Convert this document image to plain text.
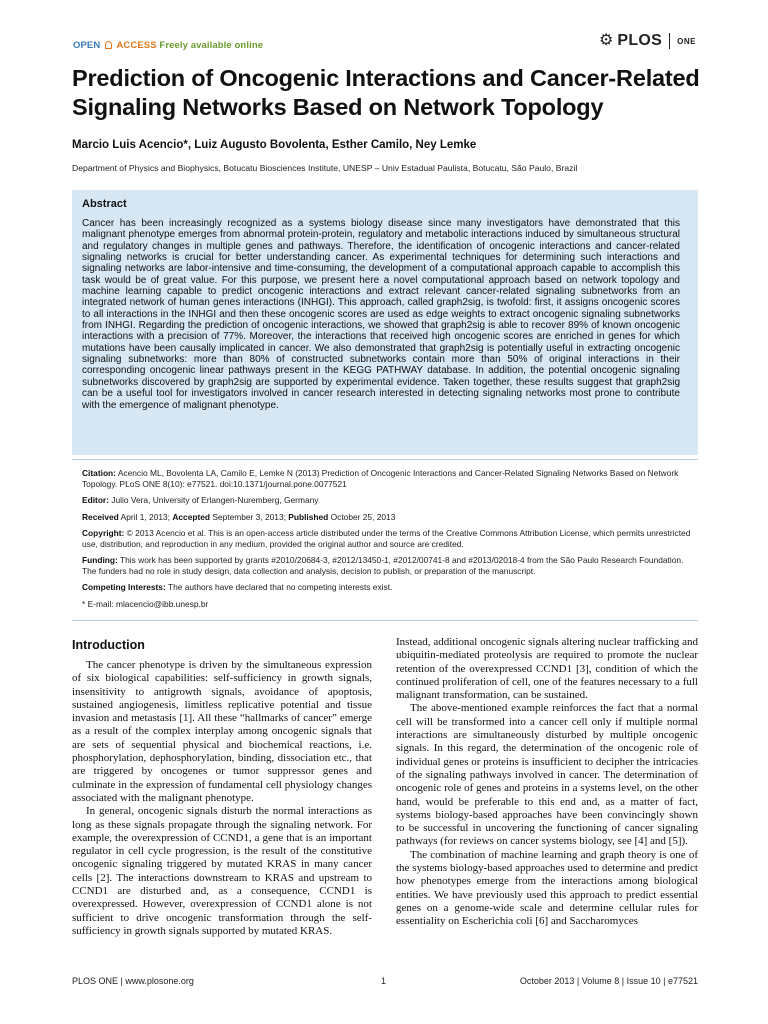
OPEN ACCESS Freely available online	⚙ PLOS ONE
Prediction of Oncogenic Interactions and Cancer-Related Signaling Networks Based on Network Topology
Marcio Luis Acencio*, Luiz Augusto Bovolenta, Esther Camilo, Ney Lemke
Department of Physics and Biophysics, Botucatu Biosciences Institute, UNESP – Univ Estadual Paulista, Botucatu, São Paulo, Brazil
Abstract
Cancer has been increasingly recognized as a systems biology disease since many investigators have demonstrated that this malignant phenotype emerges from abnormal protein-protein, regulatory and metabolic interactions induced by simultaneous structural and regulatory changes in multiple genes and pathways. Therefore, the identification of oncogenic interactions and cancer-related signaling networks is crucial for better understanding cancer. As experimental techniques for determining such interactions and signaling networks are labor-intensive and time-consuming, the development of a computational approach capable to accomplish this task would be of great value. For this purpose, we present here a novel computational approach based on network topology and machine learning capable to predict oncogenic interactions and extract relevant cancer-related signaling subnetworks from an integrated network of human genes interactions (INHGI). This approach, called graph2sig, is twofold: first, it assigns oncogenic scores to all interactions in the INHGI and then these oncogenic scores are used as edge weights to extract oncogenic signaling subnetworks from INHGI. Regarding the prediction of oncogenic interactions, we showed that graph2sig is able to recover 89% of known oncogenic interactions with a precision of 77%. Moreover, the interactions that received high oncogenic scores are enriched in genes for which mutations have been causally implicated in cancer. We also demonstrated that graph2sig is potentially useful in extracting oncogenic signaling subnetworks: more than 80% of constructed subnetworks contain more than 50% of original interactions in their corresponding oncogenic linear pathways present in the KEGG PATHWAY database. In addition, the potential oncogenic signaling subnetworks discovered by graph2sig are supported by experimental evidence. Taken together, these results suggest that graph2sig can be a useful tool for investigators involved in cancer research interested in detecting signaling networks most prone to contribute with the emergence of malignant phenotype.
Citation: Acencio ML, Bovolenta LA, Camilo E, Lemke N (2013) Prediction of Oncogenic Interactions and Cancer-Related Signaling Networks Based on Network Topology. PLoS ONE 8(10): e77521. doi:10.1371/journal.pone.0077521
Editor: Julio Vera, University of Erlangen-Nuremberg, Germany
Received April 1, 2013; Accepted September 3, 2013; Published October 25, 2013
Copyright: © 2013 Acencio et al. This is an open-access article distributed under the terms of the Creative Commons Attribution License, which permits unrestricted use, distribution, and reproduction in any medium, provided the original author and source are credited.
Funding: This work has been supported by grants #2010/20684-3, #2012/13450-1, #2012/00741-8 and #2013/02018-4 from the São Paulo Research Foundation. The funders had no role in study design, data collection and analysis, decision to publish, or preparation of the manuscript.
Competing Interests: The authors have declared that no competing interests exist.
* E-mail: mlacencio@ibb.unesp.br
Introduction

The cancer phenotype is driven by the simultaneous expression of six biological capabilities: self-sufficiency in growth signals, insensitivity to antigrowth signals, avoidance of apoptosis, sustained angiogenesis, limitless replicative potential and tissue invasion and metastasis [1]. All these “hallmarks of cancer” emerge as a result of the complex interplay among oncogenic signals that are sets of sequential physical and biochemical reactions, i.e. phosphorylation, dephosphorylation, binding, dissociation etc., that are triggered by oncogenes or tumor suppressor genes and culminate in the expression of fundamental cell physiology changes associated with the malignant phenotype.

In general, oncogenic signals disturb the normal interactions as long as these signals propagate through the signaling network. For example, the overexpression of CCND1, a gene that is an important regulator in cell cycle progression, is the result of the constitutive oncogenic signaling triggered by mutated KRAS in many cancer cells [2]. The interactions downstream to KRAS and upstream to CCND1 are disturbed and, as a consequence, CCND1 is overexpressed. However, overexpression of CCND1 alone is not sufficient to drive oncogenic transformation through the self-sufficiency in growth signals supported by mutated KRAS.

Instead, additional oncogenic signals altering nuclear trafficking and ubiquitin-mediated proteolysis are required to promote the nuclear retention of the overexpressed CCND1 [3], condition of which the continued proliferation of cell, one of the features necessary to a full malignant transformation, can be sustained.

The above-mentioned example reinforces the fact that a normal cell will be transformed into a cancer cell only if multiple normal interactions are simultaneously disturbed by multiple oncogenic signals. In this regard, the determination of the oncogenic role of individual genes or proteins is insufficient to decipher the intricacies of the signaling pathways involved in cancer. The determination of oncogenic role of genes and proteins in a systems level, on the other hand, would be preferable to this end and, as a matter of fact, systems biology-based approaches have been convincingly shown to be successful in uncovering the functioning of cancer signaling pathways (for reviews on cancer systems biology, see [4] and [5]).

The combination of machine learning and graph theory is one of the systems biology-based approaches used to determine and predict how phenotypes emerge from the interactions among biological entities. We have previously used this approach to predict essential genes on a genome-wide scale and determine cellular rules for essentiality on Escherichia coli [6] and Saccharomyces

PLOS ONE | www.plosone.org	1	October 2013 | Volume 8 | Issue 10 | e77521
